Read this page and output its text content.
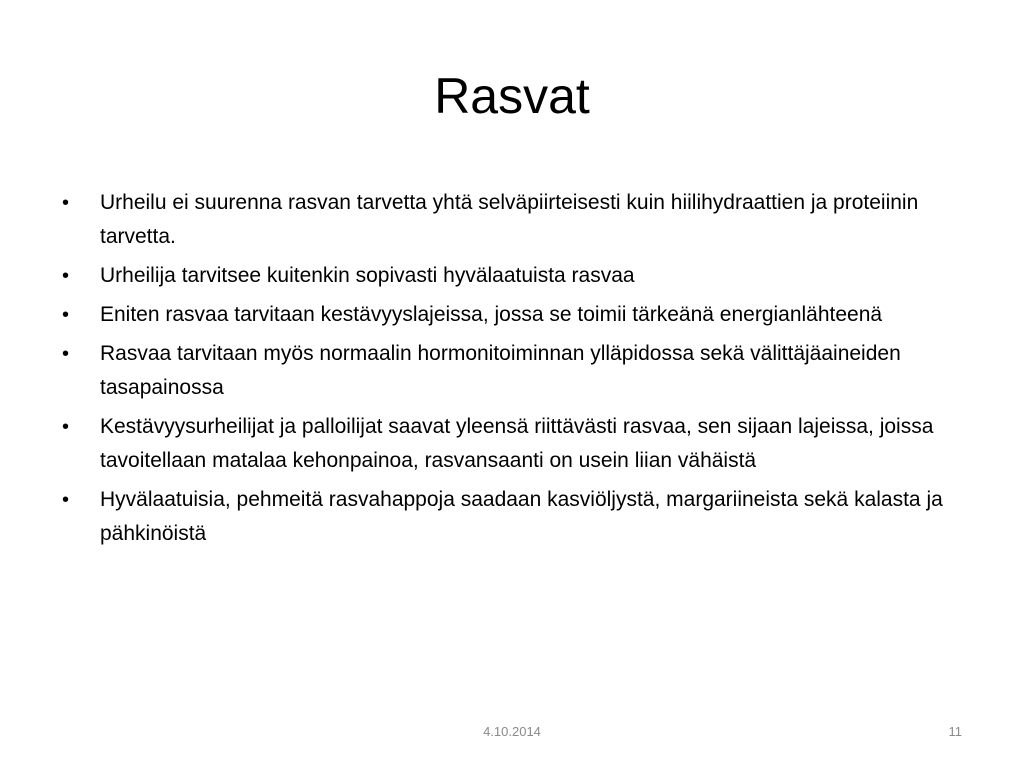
Rasvat
•	Urheilu ei suurenna rasvan tarvetta yhtä selväpiirteisesti kuin hiilihydraattien ja proteiinin tarvetta.
•	Urheilija tarvitsee kuitenkin sopivasti hyvälaatuista rasvaa
•	Eniten rasvaa tarvitaan kestävyyslajeissa, jossa se toimii tärkeänä energianlähteenä
•	Rasvaa tarvitaan myös normaalin hormonitoiminnan ylläpidossa sekä välittäjäaineiden tasapainossa
•	Kestävyysurheilijat ja palloilijat saavat yleensä riittävästi rasvaa, sen sijaan lajeissa, joissa tavoitellaan matalaa kehonpainoa, rasvansaanti on usein liian vähäistä
•	Hyvälaatuisia, pehmeitä rasvahappoja saadaan kasviöljystä, margariineista sekä kalasta ja pähkinöistä
4.10.2014	11
